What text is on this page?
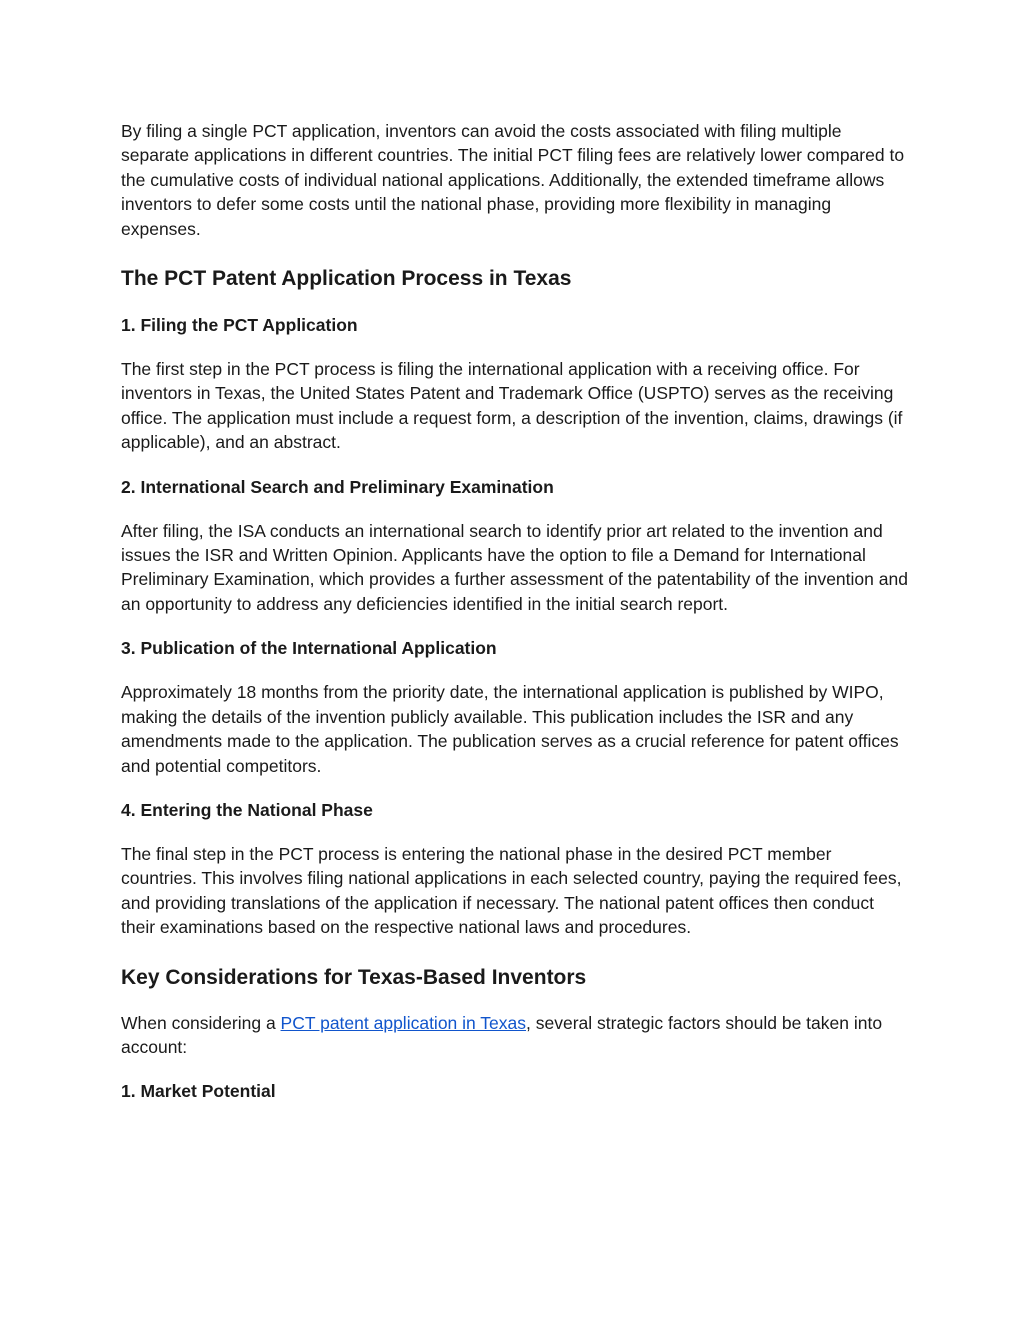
By filing a single PCT application, inventors can avoid the costs associated with filing multiple separate applications in different countries. The initial PCT filing fees are relatively lower compared to the cumulative costs of individual national applications. Additionally, the extended timeframe allows inventors to defer some costs until the national phase, providing more flexibility in managing expenses.

The PCT Patent Application Process in Texas
1. Filing the PCT Application

The first step in the PCT process is filing the international application with a receiving office. For inventors in Texas, the United States Patent and Trademark Office (USPTO) serves as the receiving office. The application must include a request form, a description of the invention, claims, drawings (if applicable), and an abstract.

2. International Search and Preliminary Examination

After filing, the ISA conducts an international search to identify prior art related to the invention and issues the ISR and Written Opinion. Applicants have the option to file a Demand for International Preliminary Examination, which provides a further assessment of the patentability of the invention and an opportunity to address any deficiencies identified in the initial search report.

3. Publication of the International Application

Approximately 18 months from the priority date, the international application is published by WIPO, making the details of the invention publicly available. This publication includes the ISR and any amendments made to the application. The publication serves as a crucial reference for patent offices and potential competitors.

4. Entering the National Phase

The final step in the PCT process is entering the national phase in the desired PCT member countries. This involves filing national applications in each selected country, paying the required fees, and providing translations of the application if necessary. The national patent offices then conduct their examinations based on the respective national laws and procedures.

Key Considerations for Texas-Based Inventors

When considering a PCT patent application in Texas, several strategic factors should be taken into account:

1. Market Potential
